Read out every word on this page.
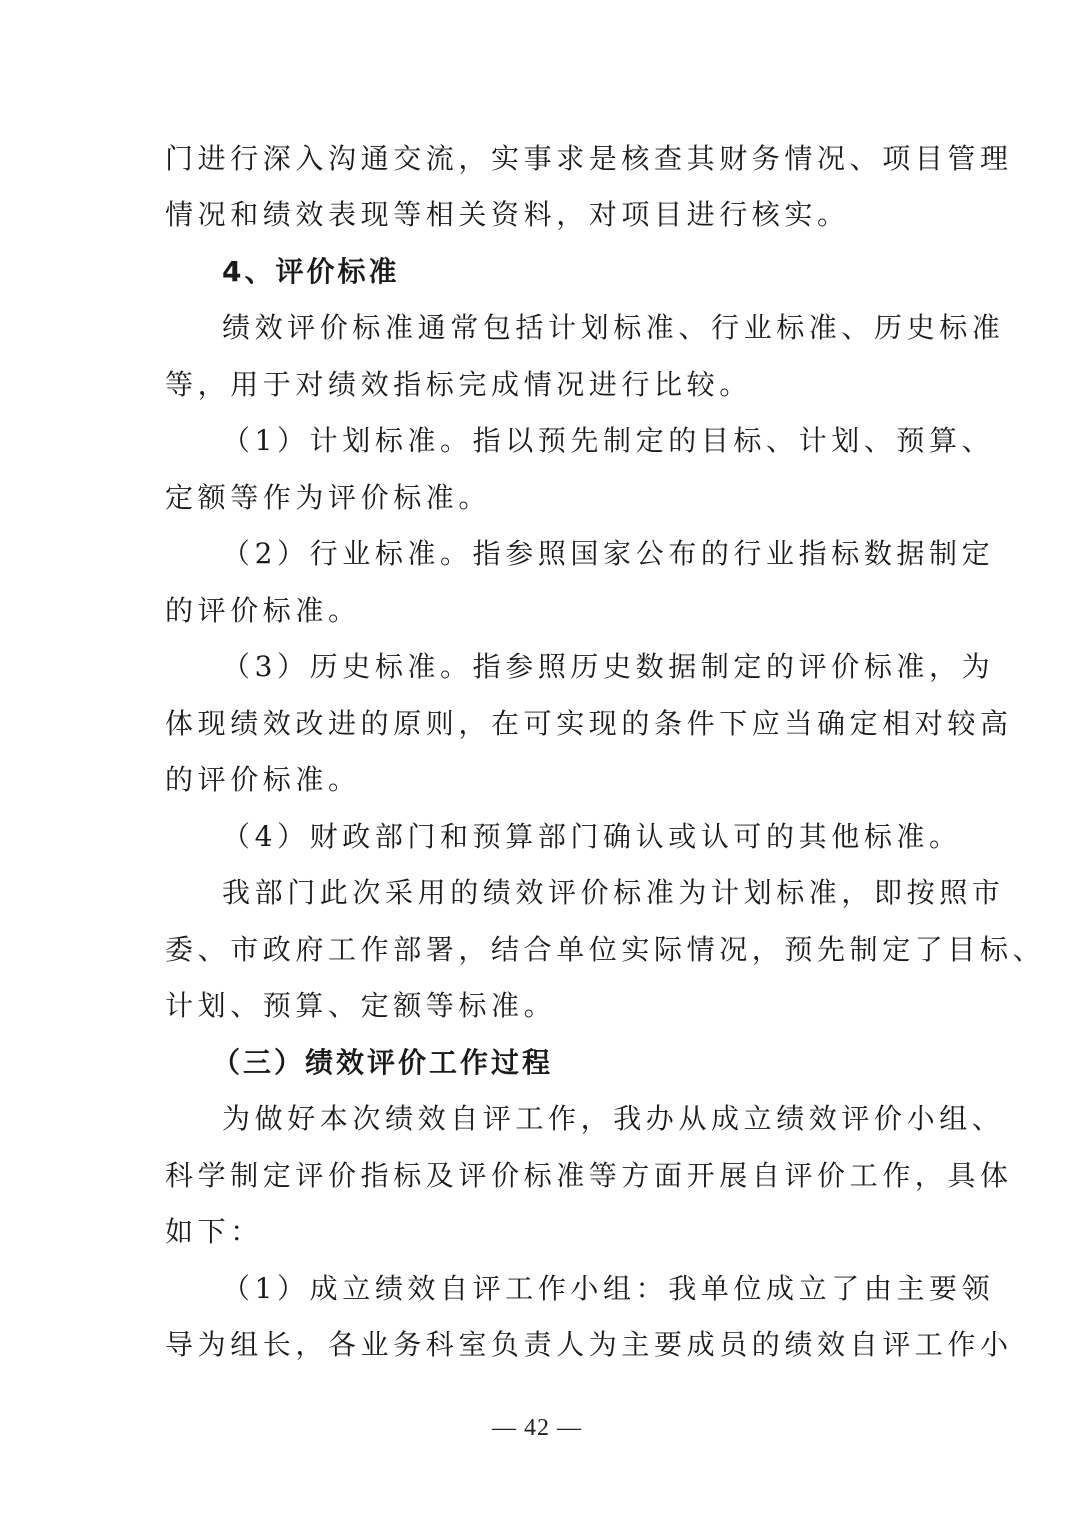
门进行深入沟通交流，实事求是核查其财务情况、项目管理
情况和绩效表现等相关资料，对项目进行核实。
4、评价标准
绩效评价标准通常包括计划标准、行业标准、历史标准
等，用于对绩效指标完成情况进行比较。
（1）计划标准。指以预先制定的目标、计划、预算、
定额等作为评价标准。
（2）行业标准。指参照国家公布的行业指标数据制定
的评价标准。
（3）历史标准。指参照历史数据制定的评价标准，为
体现绩效改进的原则，在可实现的条件下应当确定相对较高
的评价标准。
（4）财政部门和预算部门确认或认可的其他标准。
我部门此次采用的绩效评价标准为计划标准，即按照市
委、市政府工作部署，结合单位实际情况，预先制定了目标、
计划、预算、定额等标准。
（三）绩效评价工作过程
为做好本次绩效自评工作，我办从成立绩效评价小组、
科学制定评价指标及评价标准等方面开展自评价工作，具体
如下：
（1）成立绩效自评工作小组：我单位成立了由主要领
导为组长，各业务科室负责人为主要成员的绩效自评工作小
— 42 —
